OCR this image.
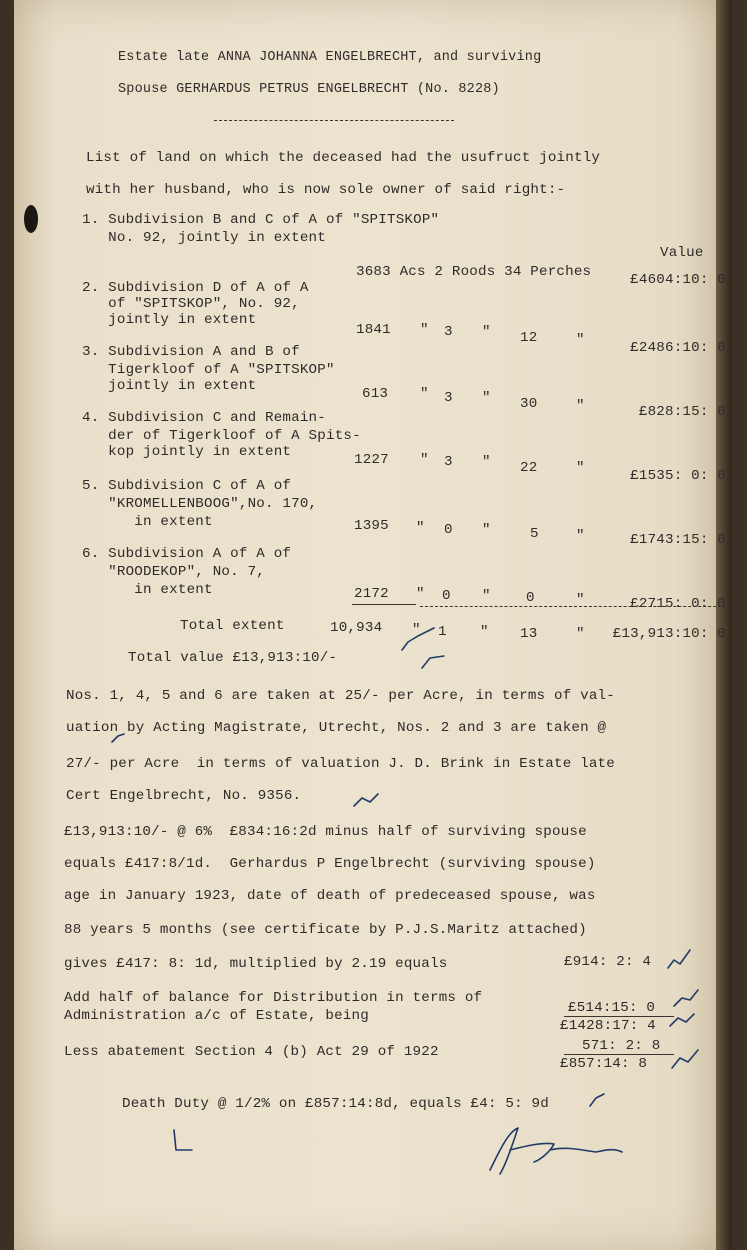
Estate late ANNA JOHANNA ENGELBRECHT, and surviving
Spouse GERHARDUS PETRUS ENGELBRECHT (No. 8228)
List of land on which the deceased had the usufruct jointly
with her husband, who is now sole owner of said right:-
Value
1. Subdivision B and C of A of "SPITSKOP"
No. 92, jointly in extent
3683 Acs 2 Roods 34 Perches	£4604:10: 0
2. Subdivision D of A of A
of "SPITSKOP", No. 92,
jointly in extent
1841 " 3 " 12	"	£2486:10: 0
3. Subdivision A and B of
Tigerkloof of A "SPITSKOP"
jointly in extent	613 " 3 " 30	"	£828:15: 0
4. Subdivision C and Remain-
der of Tigerkloof of A Spits-
kop jointly in extent	1227 " 3 " 22	"	£1535: 0: 0
5. Subdivision C of A of
"KROMELLENBOOG",No. 170,
in extent	1395 " 0 "	5	"	£1743:15: 0
6. Subdivision A of A of
"ROODEKOP", No. 7,
in extent	2172 " 0 " 0	"	£2715: 0: 0
Total extent	10,934 " 1 " 13	"	£13,913:10: 0
Total value £13,913:10/-
Nos. 1, 4, 5 and 6 are taken at 25/- per Acre, in terms of val-
uation by Acting Magistrate, Utrecht, Nos. 2 and 3 are taken @
27/- per Acre  in terms of valuation J. D. Brink in Estate late
Cert Engelbrecht, No. 9356.
£13,913:10/- @ 6%  £834:16:2d minus half of surviving spouse
equals £417:8/1d.  Gerhardus P Engelbrecht (surviving spouse)
age in January 1923, date of death of predeceased spouse, was
88 years 5 months (see certificate by P.J.S.Maritz attached)
gives £417: 8: 1d, multiplied by 2.19 equals	£914: 2: 4
Add half of balance for Distribution in terms of
Administration a/c of Estate, being	£514:15: 0
£1428:17: 4
Less abatement Section 4 (b) Act 29 of 1922	571: 2: 8
£857:14: 8
Death Duty @ 1/2% on £857:14:8d, equals £4: 5: 9d
